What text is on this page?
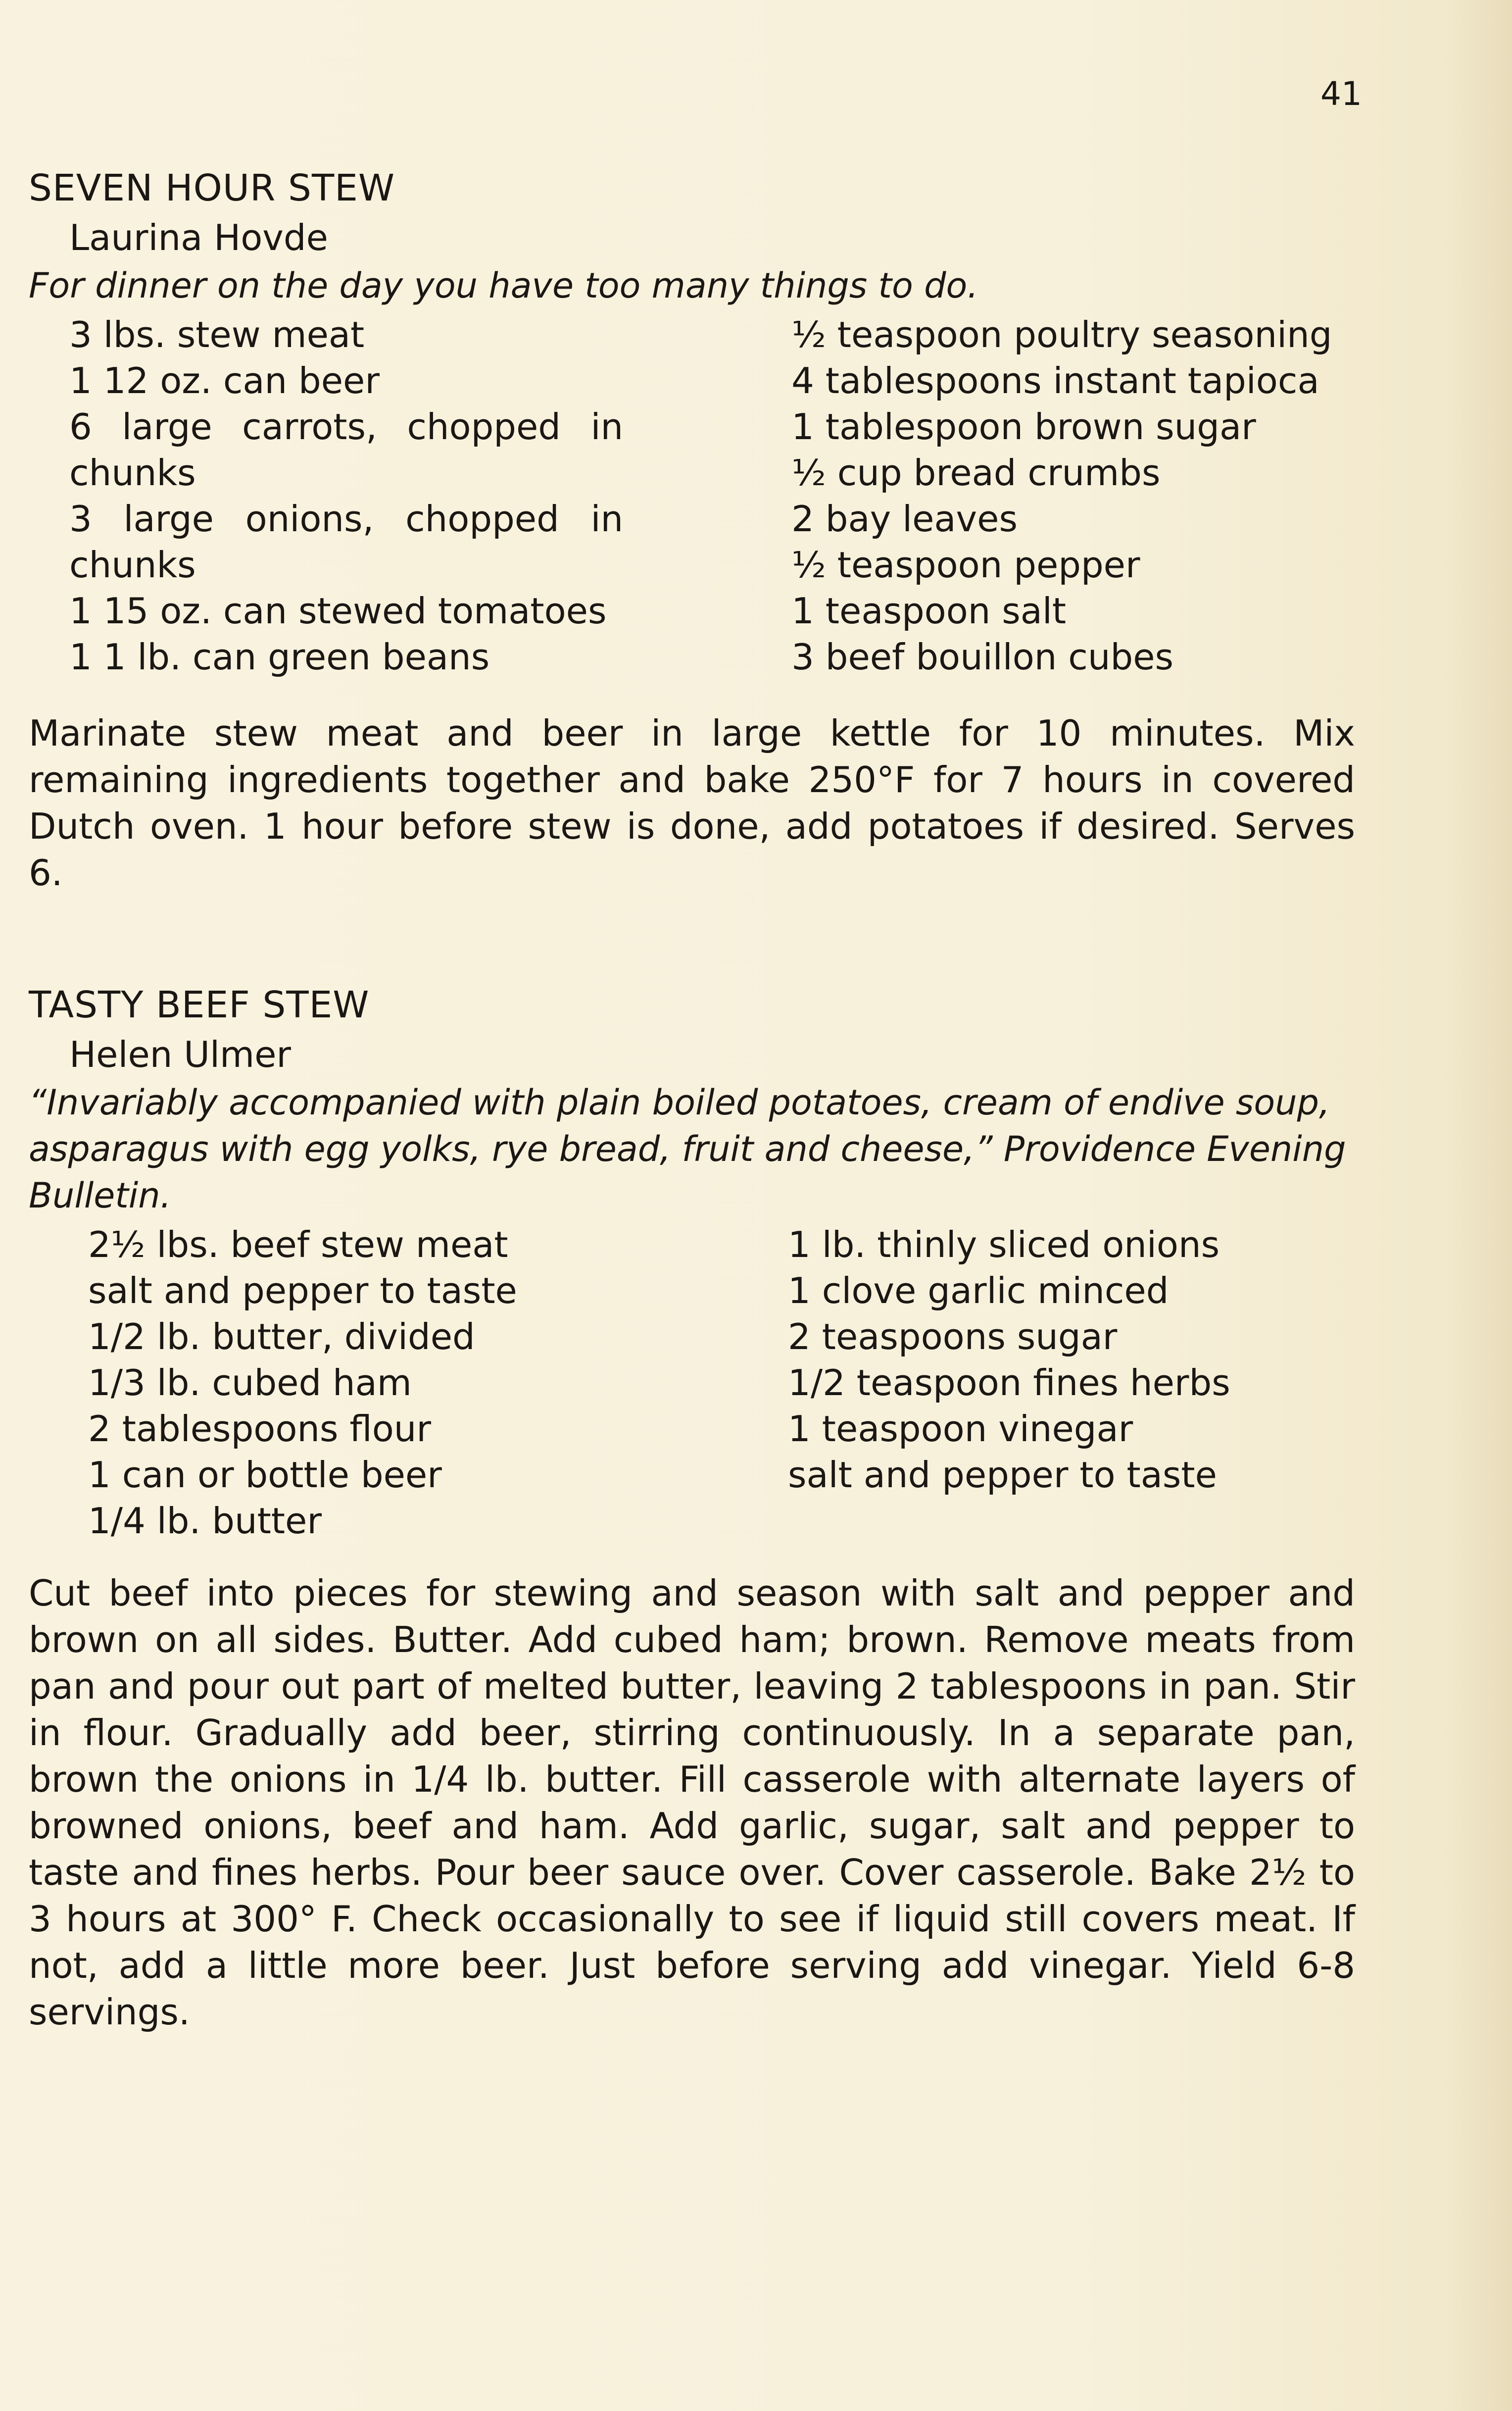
41
SEVEN HOUR STEW
Laurina Hovde

For dinner on the day you have too many things to do.

3 lbs. stew meat
1 12 oz. can beer
6 large carrots, chopped in chunks
3 large onions, chopped in chunks
1 15 oz. can stewed tomatoes
1 1 lb. can green beans
½ teaspoon poultry seasoning
4 tablespoons instant tapioca
1 tablespoon brown sugar
½ cup bread crumbs
2 bay leaves
½ teaspoon pepper
1 teaspoon salt
3 beef bouillon cubes

Marinate stew meat and beer in large kettle for 10 minutes. Mix remaining ingredients together and bake 250°F for 7 hours in covered Dutch oven. 1 hour before stew is done, add potatoes if desired. Serves 6.

TASTY BEEF STEW
Helen Ulmer

“Invariably accompanied with plain boiled potatoes, cream of endive soup, asparagus with egg yolks, rye bread, fruit and cheese,” Providence Evening Bulletin.

2½ lbs. beef stew meat
salt and pepper to taste
1/2 lb. butter, divided
1/3 lb. cubed ham
2 tablespoons flour
1 can or bottle beer
1/4 lb. butter
1 lb. thinly sliced onions
1 clove garlic minced
2 teaspoons sugar
1/2 teaspoon fines herbs
1 teaspoon vinegar
salt and pepper to taste

Cut beef into pieces for stewing and season with salt and pepper and brown on all sides. Butter. Add cubed ham; brown. Remove meats from pan and pour out part of melted butter, leaving 2 tablespoons in pan. Stir in flour. Gradually add beer, stirring continuously. In a separate pan, brown the onions in 1/4 lb. butter. Fill casserole with alternate layers of browned onions, beef and ham. Add garlic, sugar, salt and pepper to taste and fines herbs. Pour beer sauce over. Cover casserole. Bake 2½ to 3 hours at 300° F. Check occasionally to see if liquid still covers meat. If not, add a little more beer. Just before serving add vinegar. Yield 6-8 servings.
